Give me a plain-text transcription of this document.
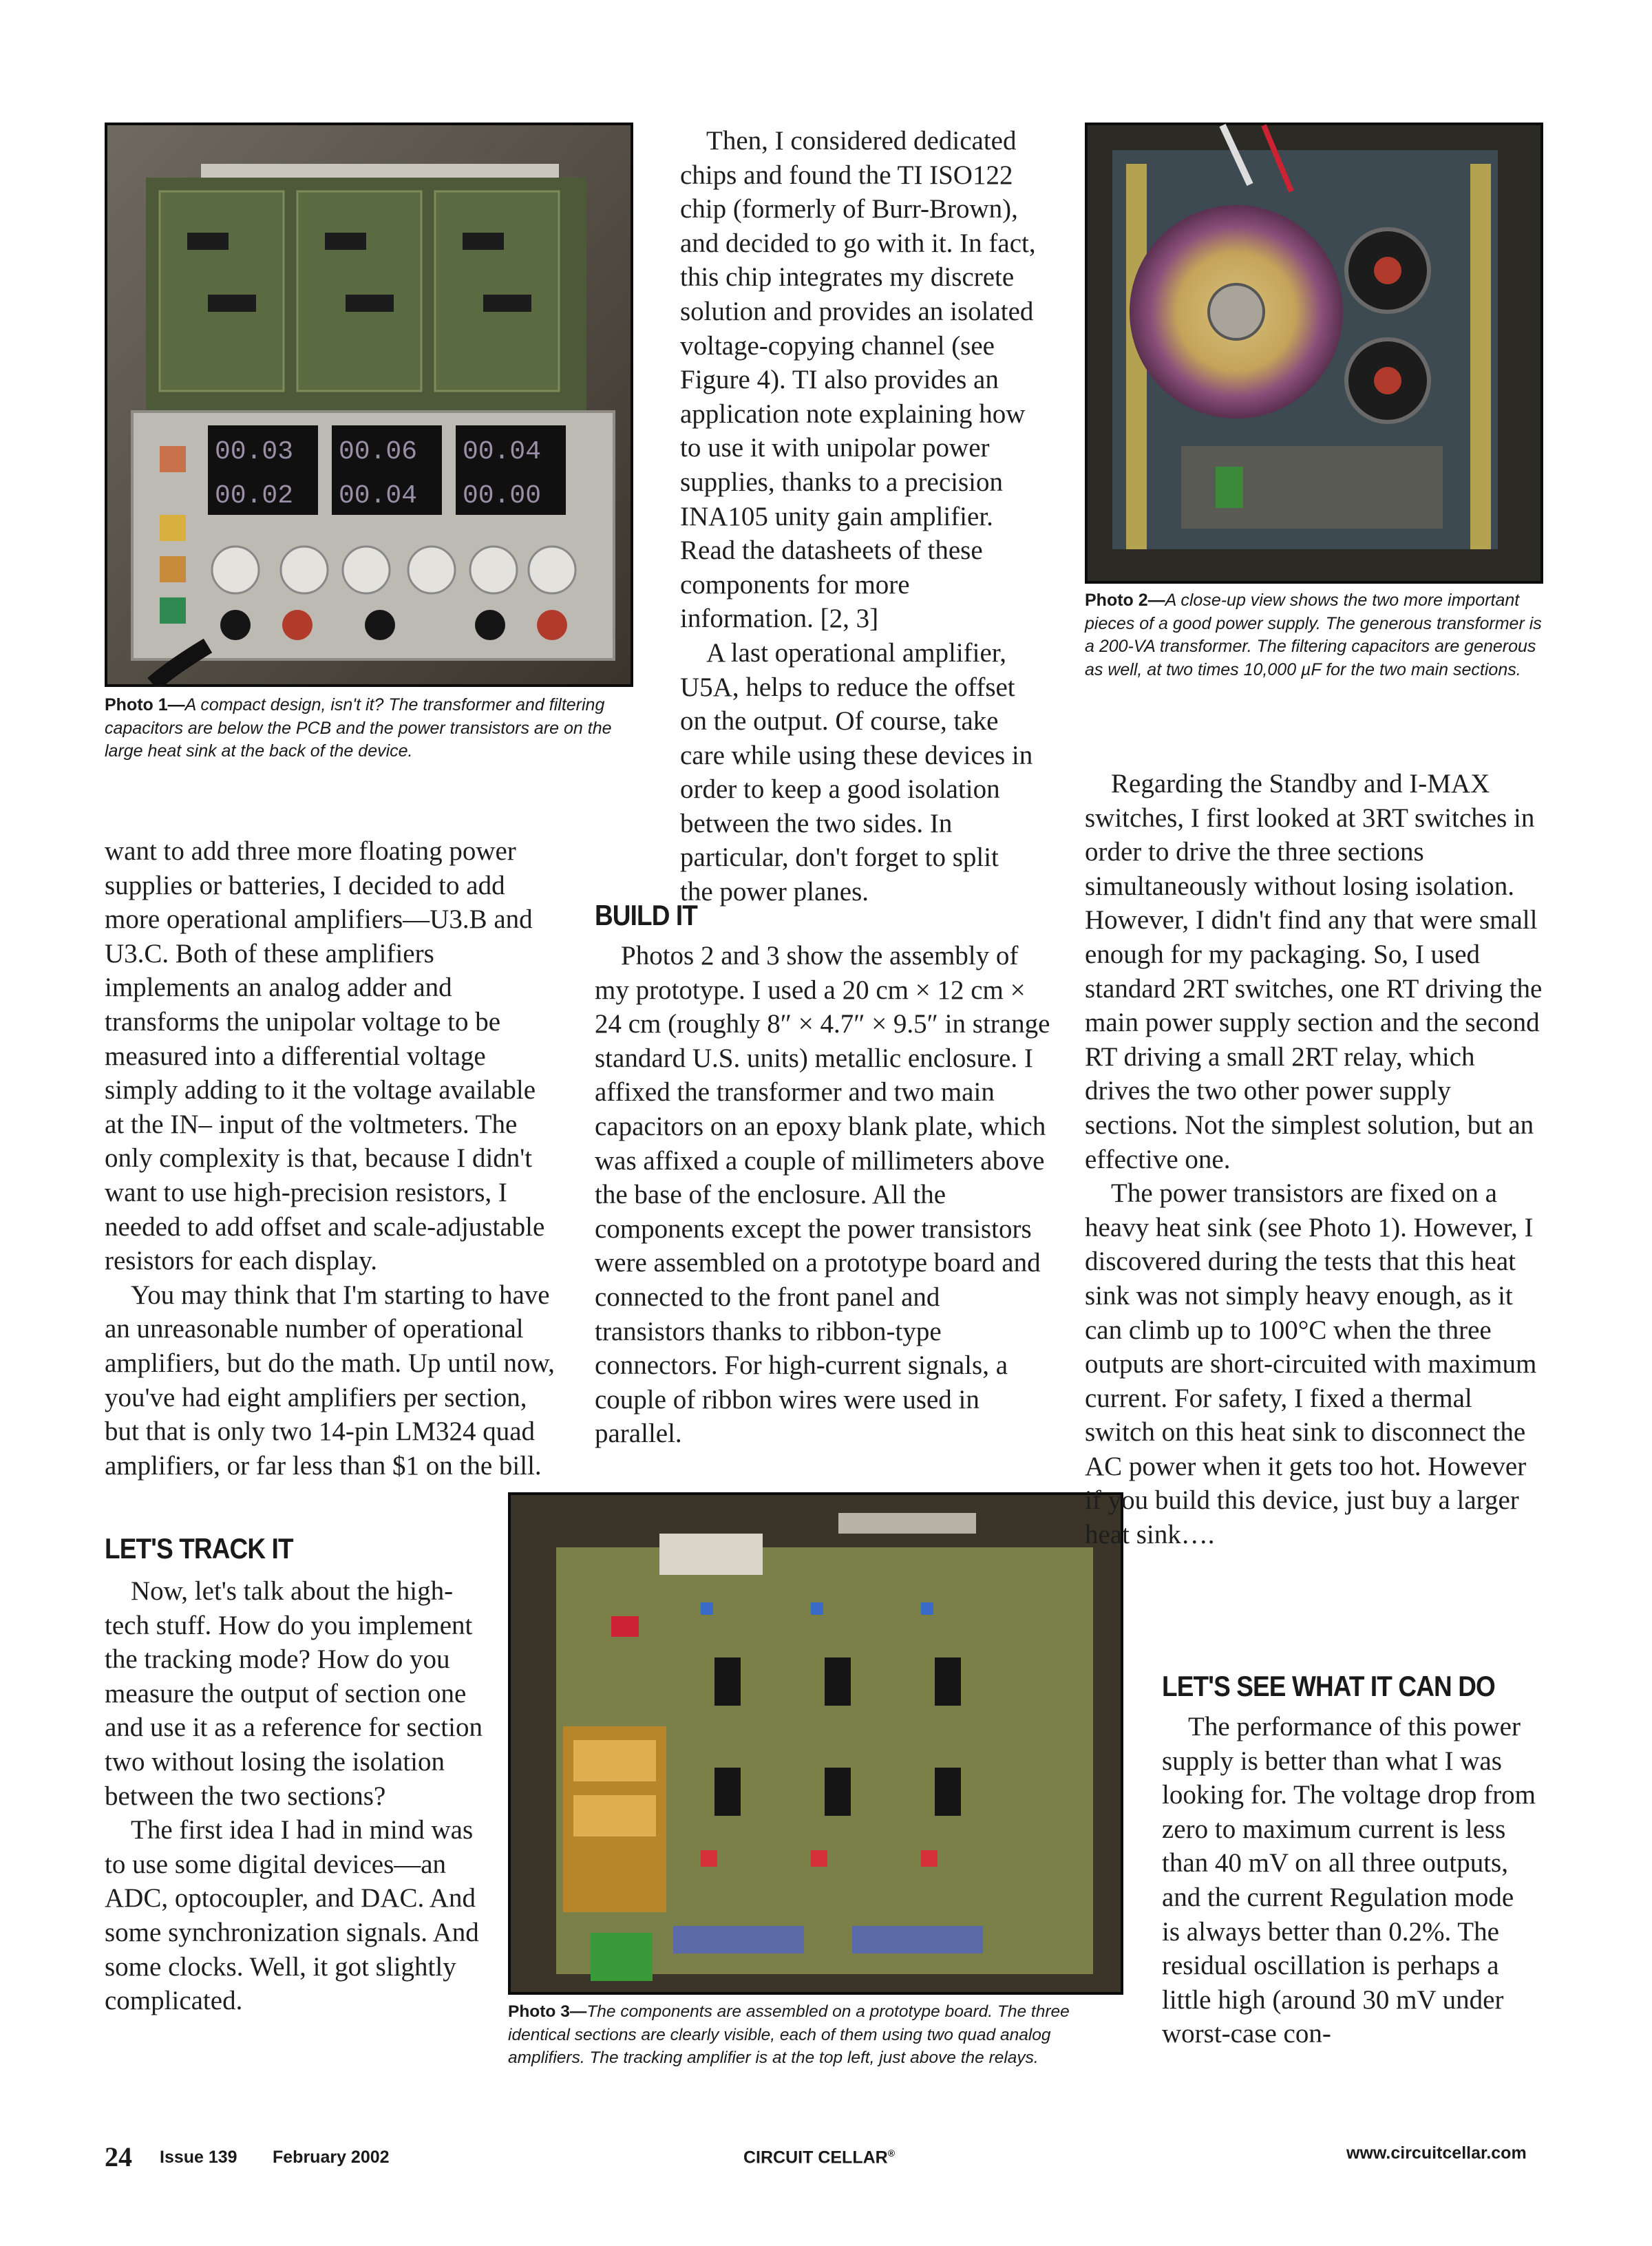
00.03 00.06 00.04
00.02 00.04 00.00
Photo 1—A compact design, isn't it? The transformer and filtering capacitors are below the PCB and the power transistors are on the large heat sink at the back of the device.
Photo 2—A close-up view shows the two more important pieces of a good power supply. The generous transformer is a 200-VA transformer. The filtering capacitors are generous as well, at two times 10,000 µF for the two main sections.
Photo 3—The components are assembled on a prototype board. The three identical sections are clearly visible, each of them using two quad analog amplifiers. The tracking amplifier is at the top left, just above the relays.

want to add three more floating power supplies or batteries, I decided to add more operational amplifiers—U3.B and U3.C. Both of these amplifiers implements an analog adder and transforms the unipolar voltage to be measured into a differential voltage simply adding to it the voltage available at the IN– input of the voltmeters. The only complexity is that, because I didn't want to use high-precision resistors, I needed to add offset and scale-adjustable resistors for each display.

You may think that I'm starting to have an unreasonable number of operational amplifiers, but do the math. Up until now, you've had eight amplifiers per section, but that is only two 14-pin LM324 quad amplifiers, or far less than $1 on the bill.

LET'S TRACK IT

Now, let's talk about the high-tech stuff. How do you implement the tracking mode? How do you measure the output of section one and use it as a reference for section two without losing the isolation between the two sections?

The first idea I had in mind was to use some digital devices—an ADC, optocoupler, and DAC. And some synchronization signals. And some clocks. Well, it got slightly complicated.

Then, I considered dedicated chips and found the TI ISO122 chip (formerly of Burr-Brown), and decided to go with it. In fact, this chip integrates my discrete solution and provides an isolated voltage-copying channel (see Figure 4). TI also provides an application note explaining how to use it with unipolar power supplies, thanks to a precision INA105 unity gain amplifier. Read the datasheets of these components for more information. [2, 3]

A last operational amplifier, U5A, helps to reduce the offset on the output. Of course, take care while using these devices in order to keep a good isolation between the two sides. In particular, don't forget to split the power planes.

BUILD IT

Photos 2 and 3 show the assembly of my prototype. I used a 20 cm × 12 cm × 24 cm (roughly 8″ × 4.7″ × 9.5″ in strange standard U.S. units) metallic enclosure. I affixed the transformer and two main capacitors on an epoxy blank plate, which was affixed a couple of millimeters above the base of the enclosure. All the components except the power transistors were assembled on a prototype board and connected to the front panel and transistors thanks to ribbon-type connectors. For high-current signals, a couple of ribbon wires were used in parallel.

Regarding the Standby and I-MAX switches, I first looked at 3RT switches in order to drive the three sections simultaneously without losing isolation. However, I didn't find any that were small enough for my packaging. So, I used standard 2RT switches, one RT driving the main power supply section and the second RT driving a small 2RT relay, which drives the two other power supply sections. Not the simplest solution, but an effective one.

The power transistors are fixed on a heavy heat sink (see Photo 1). However, I discovered during the tests that this heat sink was not simply heavy enough, as it can climb up to 100°C when the three outputs are short-circuited with maximum current. For safety, I fixed a thermal switch on this heat sink to disconnect the AC power when it gets too hot. However if you build this device, just buy a larger heat sink….

LET'S SEE WHAT IT CAN DO

The performance of this power supply is better than what I was looking for. The voltage drop from zero to maximum current is less than 40 mV on all three outputs, and the current Regulation mode is always better than 0.2%. The residual oscillation is perhaps a little high (around 30 mV under worst-case con-

24 Issue 139 February 2002	CIRCUIT CELLAR®	www.circuitcellar.com
